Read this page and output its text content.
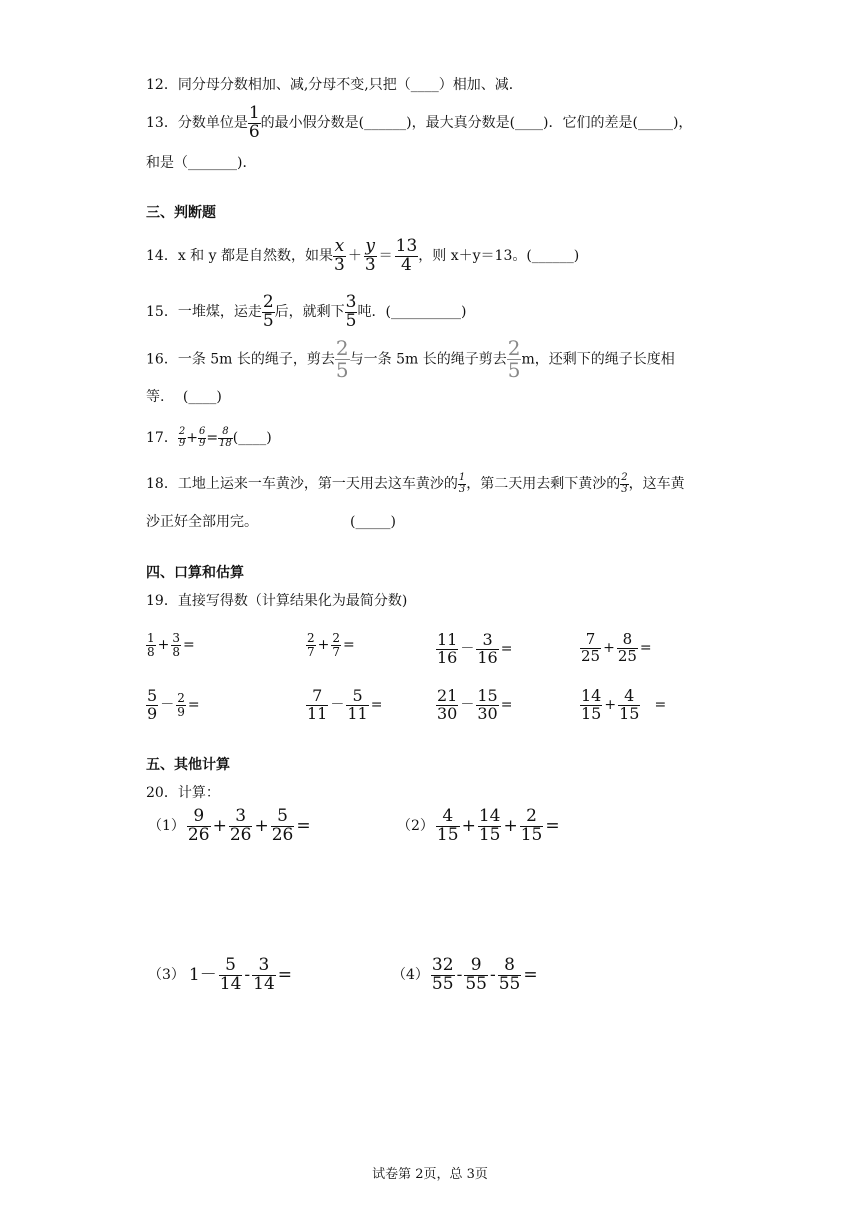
12．同分母分数相加、减,分母不变,只把（____）相加、减．
13．分数单位是 $\frac{1}{6}$ 的最小假分数是(______)，最大真分数是(____)．它们的差是(_____)，
和是（_______)．
三、判断题
14．x 和 y 都是自然数，如果 $\frac{x}{3} + \frac{y}{3} = \frac{13}{4}$ ，则 x＋y＝13。(______)
15．一堆煤，运走 $\frac{2}{5}$ 后，就剩下 $\frac{3}{5}$ 吨．(__________)
16．一条 5m 长的绳子，剪去 $\frac{2}{5}$ 与一条 5m 长的绳子剪去 $\frac{2}{5}$ m，还剩下的绳子长度相
等.　 (____)
17． $\frac{2}{9} + \frac{6}{9} = \frac{8}{18}$ (____)
18．工地上运来一车黄沙，第一天用去这车黄沙的 $\frac{1}{3}$ ，第二天用去剩下黄沙的 $\frac{2}{3}$ ，这车黄
沙正好全部用完。	(_____)
四、口算和估算
19．直接写得数（计算结果化为最简分数)
$\frac{1}{8} + \frac{3}{8}$ =	$\frac{2}{7} + \frac{2}{7}$ =	$\frac{11}{16} - \frac{3}{16}$ =	$\frac{7}{25} + \frac{8}{25}$ =
$\frac{5}{9} - \frac{2}{9}$ =	$\frac{7}{11} - \frac{5}{11}$ =	$\frac{21}{30} - \frac{15}{30}$ =	$\frac{14}{15} + \frac{4}{15}$ =
五、其他计算
20．计算：
$(1) \frac{9}{26} + \frac{3}{26} + \frac{5}{26}$ =	$(2) \frac{4}{15} + \frac{14}{15} + \frac{2}{15}$ =
（3） $1- \frac{5}{14} - \frac{3}{14}$ =	$(4) \frac{32}{55} - \frac{9}{55} - \frac{8}{55}$ =
试卷第 2页，总 3页
